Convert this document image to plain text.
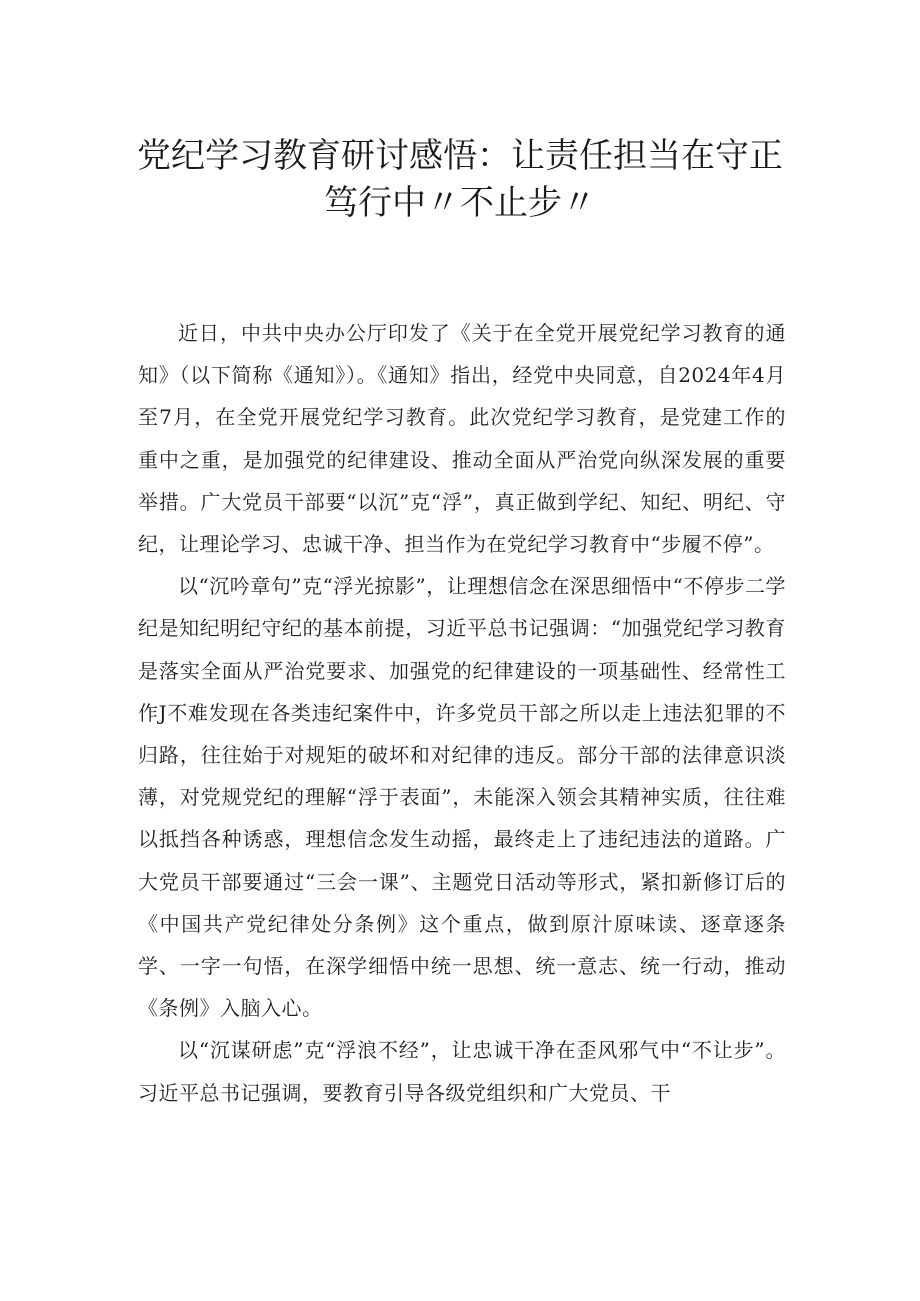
党纪学习教育研讨感悟：让责任担当在守正
笃行中〃不止步〃

近日，中共中央办公厅印发了《关于在全党开展党纪学习教育的通知》（以下简称《通知》）。《通知》指出，经党中央同意，自2024年4月至7月，在全党开展党纪学习教育。此次党纪学习教育，是党建工作的重中之重，是加强党的纪律建设、推动全面从严治党向纵深发展的重要举措。广大党员干部要“以沉”克“浮”，真正做到学纪、知纪、明纪、守纪，让理论学习、忠诚干净、担当作为在党纪学习教育中“步履不停”。

以“沉吟章句”克“浮光掠影”，让理想信念在深思细悟中“不停步二学纪是知纪明纪守纪的基本前提，习近平总书记强调：“加强党纪学习教育是落实全面从严治党要求、加强党的纪律建设的一项基础性、经常性工作J不难发现在各类违纪案件中，许多党员干部之所以走上违法犯罪的不归路，往往始于对规矩的破坏和对纪律的违反。部分干部的法律意识淡薄，对党规党纪的理解“浮于表面”，未能深入领会其精神实质，往往难以抵挡各种诱惑，理想信念发生动摇，最终走上了违纪违法的道路。广大党员干部要通过“三会一课”、主题党日活动等形式，紧扣新修订后的《中国共产党纪律处分条例》这个重点，做到原汁原味读、逐章逐条学、一字一句悟，在深学细悟中统一思想、统一意志、统一行动，推动《条例》入脑入心。

以“沉谋研虑”克“浮浪不经”，让忠诚干净在歪风邪气中“不让步”。习近平总书记强调，要教育引导各级党组织和广大党员、干
